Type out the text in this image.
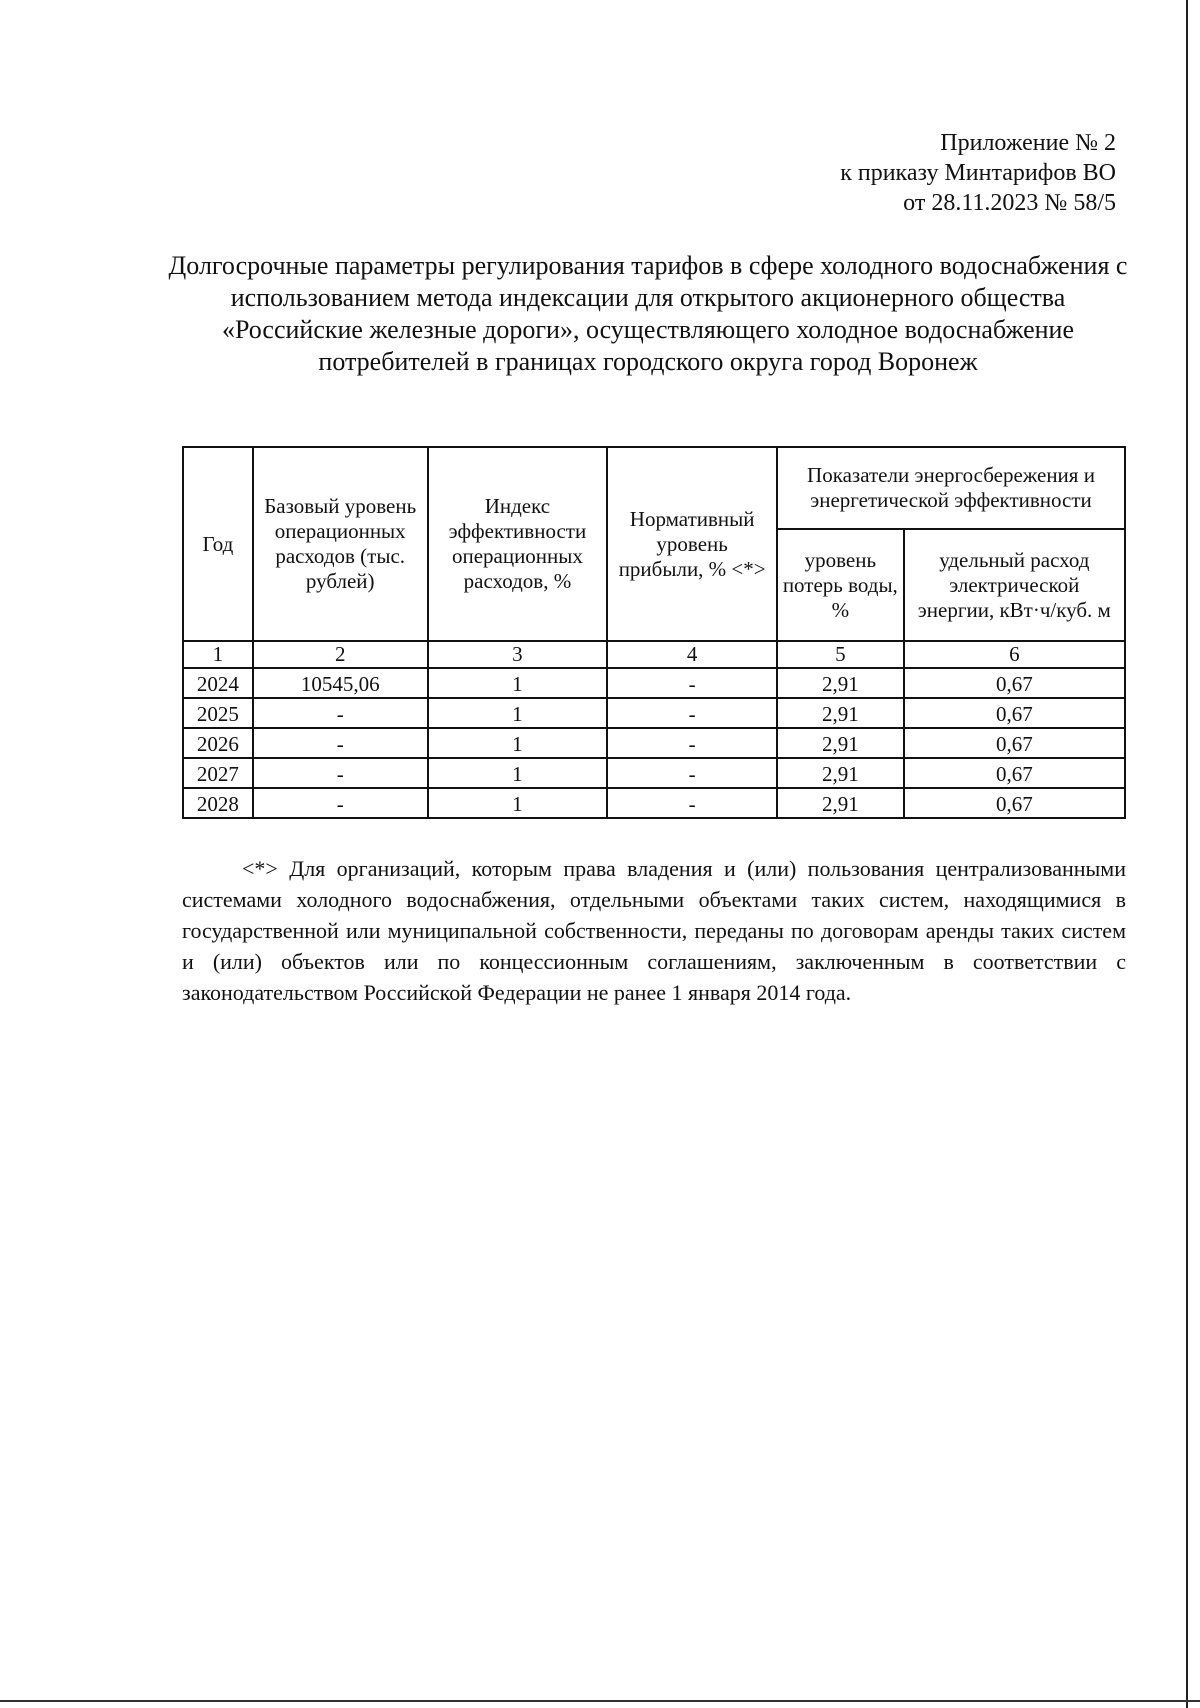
Приложение № 2
к приказу Минтарифов ВО
от 28.11.2023 № 58/5
Долгосрочные параметры регулирования тарифов в сфере холодного водоснабжения с использованием метода индексации для открытого акционерного общества «Российские железные дороги», осуществляющего холодное водоснабжение потребителей в границах городского округа город Воронеж
Год	Базовый уровень операционных расходов (тыс. рублей)	Индекс эффективности операционных расходов, %	Нормативный уровень прибыли, % <*>	Показатели энергосбережения и энергетической эффективности	
				уровень потерь воды, %	удельный расход электрической энергии, кВт·ч/куб. м
1	2	3	4	5	6
2024	10545,06	1	-	2,91	0,67
2025	-	1	-	2,91	0,67
2026	-	1	-	2,91	0,67
2027	-	1	-	2,91	0,67
2028	-	1	-	2,91	0,67
<*> Для организаций, которым права владения и (или) пользования централизованными системами холодного водоснабжения, отдельными объектами таких систем, находящимися в государственной или муниципальной собственности, переданы по договорам аренды таких систем и (или) объектов или по концессионным соглашениям, заключенным в соответствии с законодательством Российской Федерации не ранее 1 января 2014 года.
